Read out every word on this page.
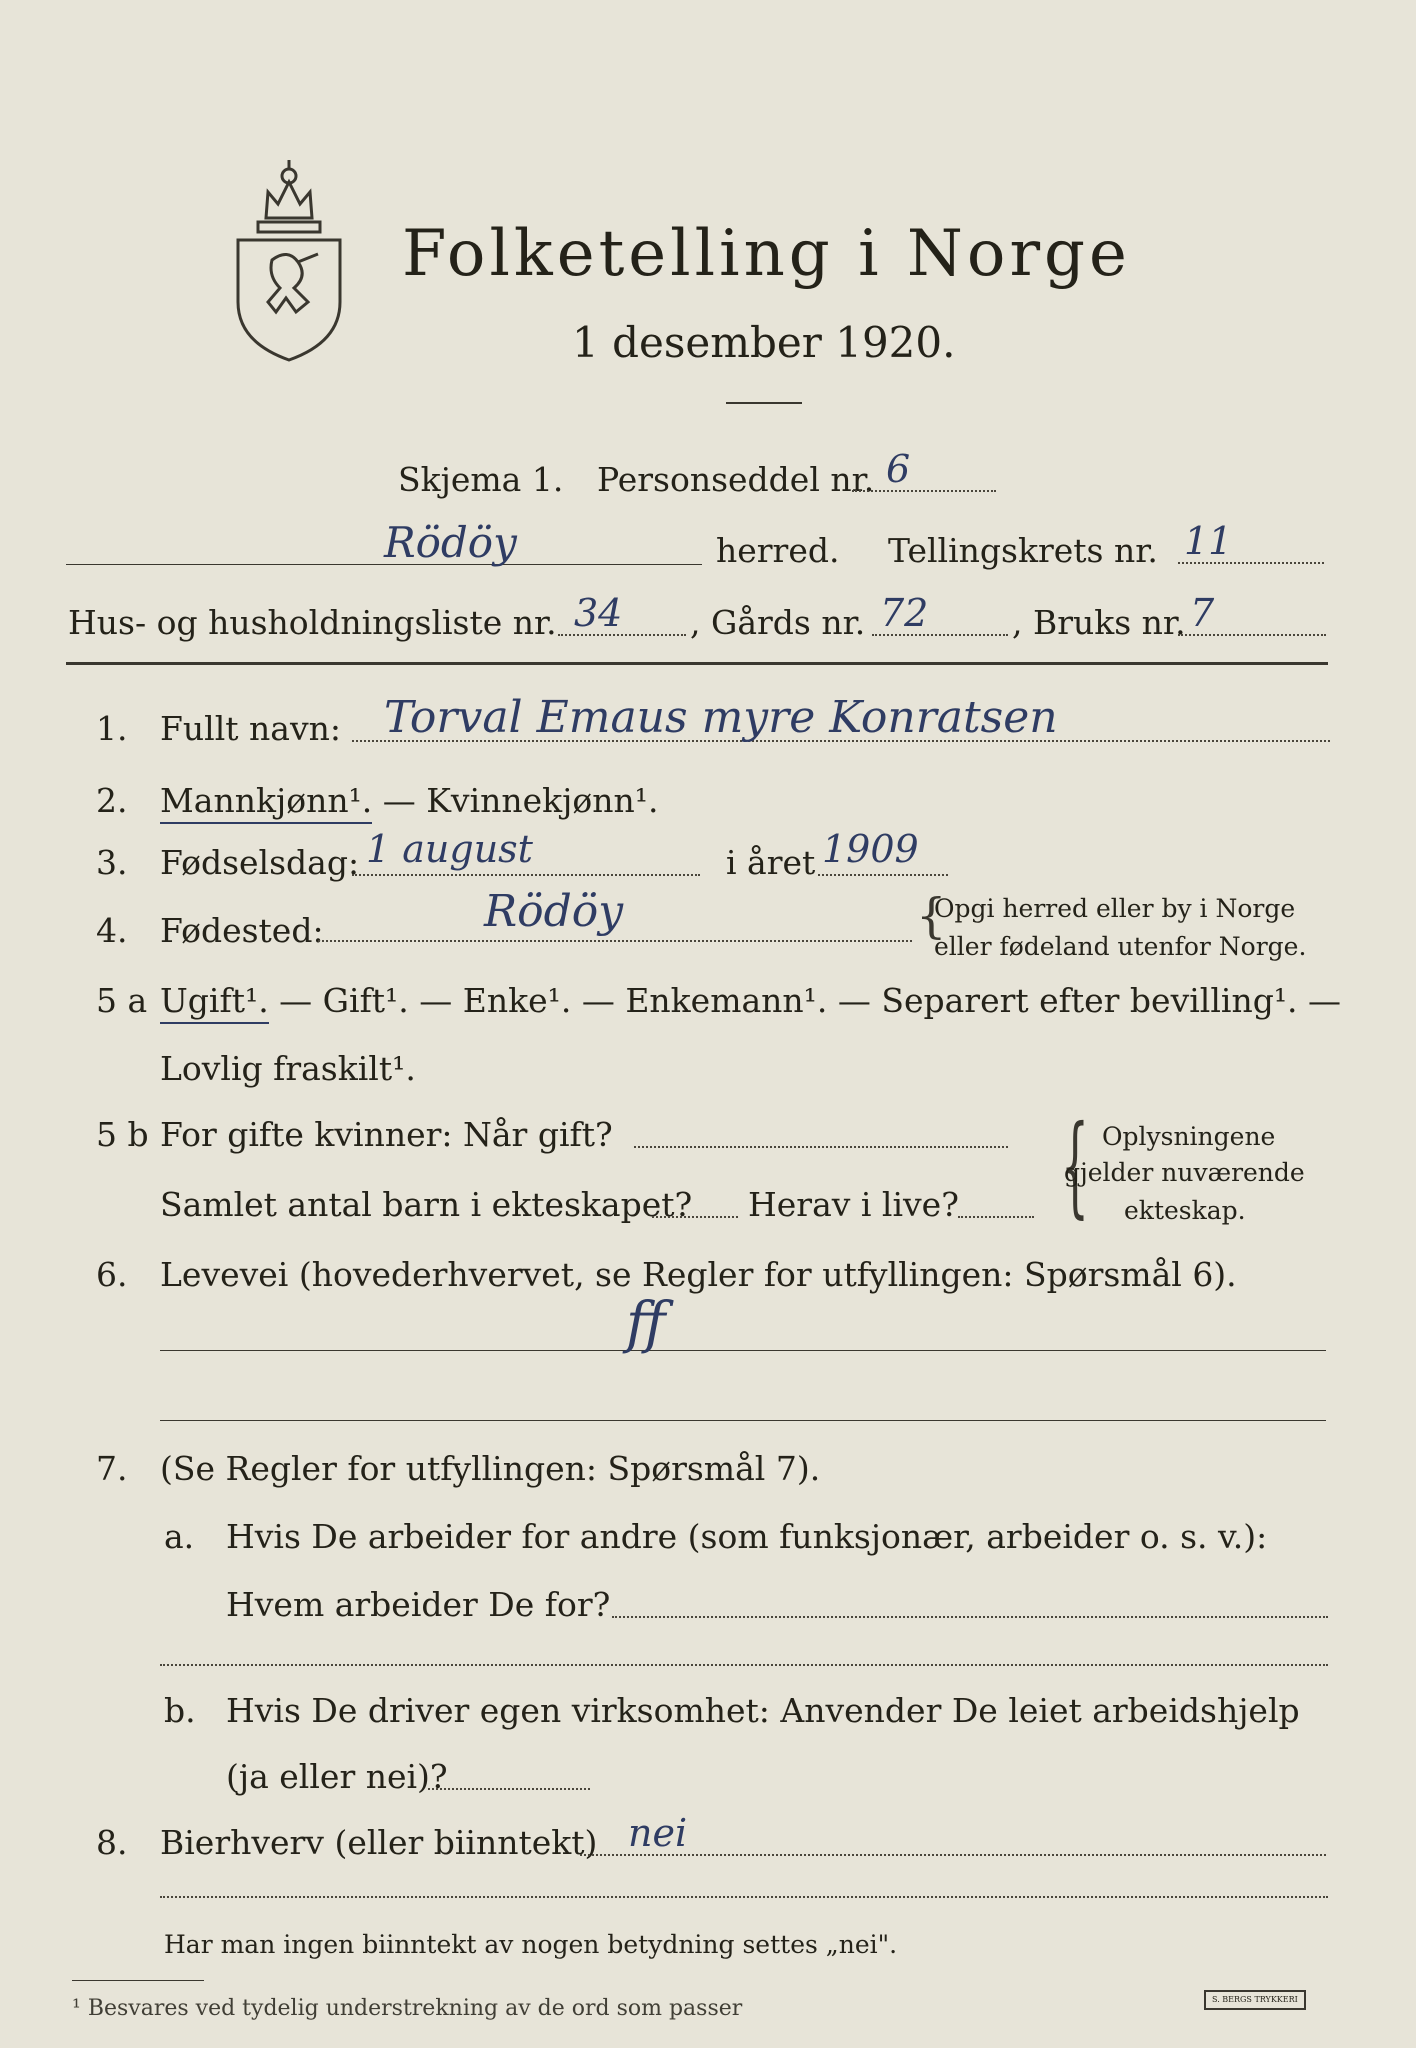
Folketelling i Norge
1 desember 1920.
Skjema 1. Personseddel nr. 6
Rödöy	herred. Tellingskrets nr. 11
Hus- og husholdningsliste nr. 34 , Gårds nr. 72	, Bruks nr. 7
1. Fullt navn: Torval Emaus myre Konratsen
2. Mannkjønn¹. — Kvinnekjønn¹.
3. Fødselsdag: 1 august	i året 1909
4. Fødested:	Rödöy	{
Opgi herred eller by i Norge
eller fødeland utenfor Norge.
5 a Ugift¹. — Gift¹. — Enke¹. — Enkemann¹. — Separert efter bevilling¹. —
Lovlig fraskilt¹.
5 b For gifte kvinner: Når gift?
Samlet antal barn i ekteskapet? Herav i live? { Oplysningene
gjelder nuværende
ekteskap.
6. Levevei (hovederhvervet, se Regler for utfyllingen: Spørsmål 6).
ff
7. (Se Regler for utfyllingen: Spørsmål 7).
a. Hvis De arbeider for andre (som funksjonær, arbeider o. s. v.):
Hvem arbeider De for?
b. Hvis De driver egen virksomhet: Anvender De leiet arbeidshjelp
(ja eller nei)?
8. Bierhverv (eller biinntekt) nei
Har man ingen biinntekt av nogen betydning settes „nei".
¹ Besvares ved tydelig understrekning av de ord som passer	S. BERGS TRYKKERI
